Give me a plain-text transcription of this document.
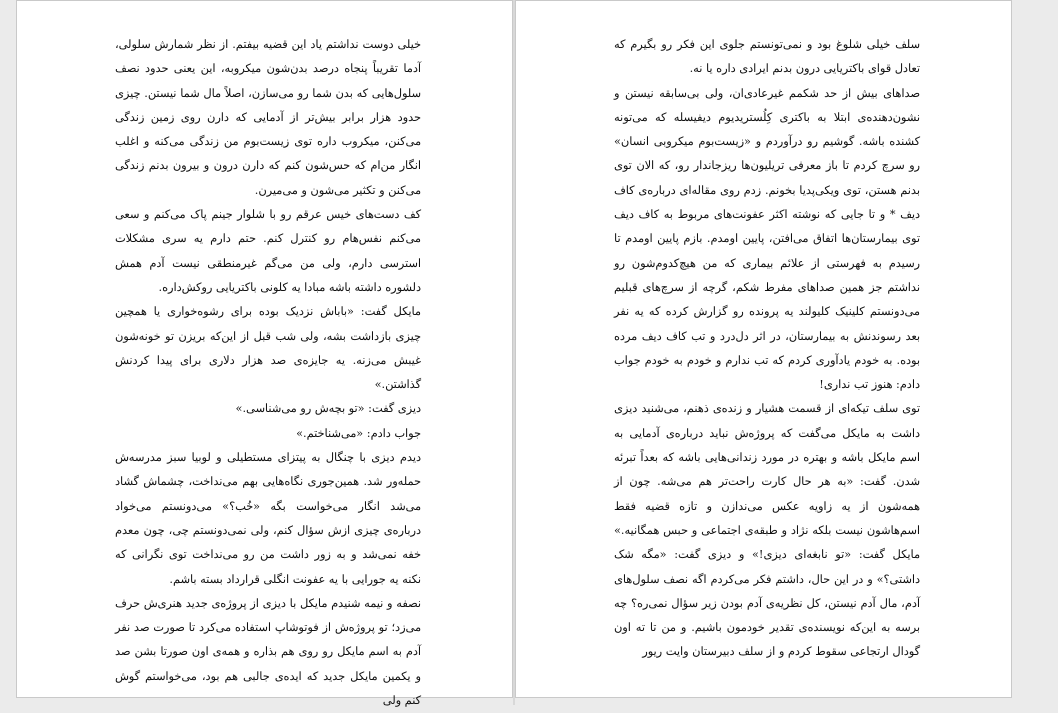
خیلی دوست نداشتم یاد این قضیه بیفتم. از نظر شمارش سلولی، آدما تقریباً پنجاه درصد بدن‌شون میکروبه، این یعنی حدود نصف سلول‌هایی که بدن شما رو می‌سازن، اصلاً مال شما نیستن. چیزی حدود هزار برابر بیش‌تر از آدمایی که دارن روی زمین زندگی می‌کنن، میکروب داره توی زیست‌بوم من زندگی می‌کنه و اغلب انگار من‌ام که حس‌شون کنم که دارن درون و بیرون بدنم زندگی می‌کنن و تکثیر می‌شون و می‌میرن.

کف دست‌های خیس عرقم رو با شلوار جینم پاک می‌کنم و سعی می‌کنم نفس‌هام رو کنترل کنم. حتم دارم یه سری مشکلات استرسی دارم، ولی من می‌گم غیرمنطقی نیست آدم همش دلشوره داشته باشه مبادا یه کلونی باکتریایی روکش‌داره.

مایکل گفت: «باباش نزدیک بوده برای رشوه‌خواری یا همچین چیزی بازداشت بشه، ولی شب قبل از این‌که بریزن تو خونه‌شون غیبش می‌زنه. یه جایزه‌ی صد هزار دلاری برای پیدا کردنش گذاشتن.»

دیزی گفت: «تو بچه‌ش رو می‌شناسی.»

جواب دادم: «می‌شناختم.»

دیدم دیزی با چنگال به پیتزای مستطیلی و لوبیا سبز مدرسه‌ش حمله‌ور شد. همین‌جوری نگاه‌هایی بهم می‌نداخت، چشماش گشاد می‌شد انگار می‌خواست بگه «خُب؟» می‌دونستم می‌خواد درباره‌ی چیزی ازش سؤال کنم، ولی نمی‌دونستم چی، چون معدم خفه نمی‌شد و به زور داشت من رو می‌نداخت توی نگرانی که نکنه یه جورایی با یه عفونت انگلی قرارداد بسته باشم.

نصفه و نیمه شنیدم مایکل با دیزی از پروژه‌ی جدید هنری‌ش حرف می‌زد؛ تو پروژه‌ش از فوتوشاپ استفاده می‌کرد تا صورت صد نفر آدم به اسم مایکل رو روی هم بذاره و همه‌ی اون صورتا بشن صد و یکمین مایکل جدید که ایده‌ی جالبی هم بود، می‌خواستم گوش کنم ولی

سلف خیلی شلوغ بود و نمی‌تونستم جلوی این فکر رو بگیرم که تعادل قوای باکتریایی درون بدنم ایرادی داره یا نه.

صداهای بیش از حد شکمم غیرعادی‌ان، ولی بی‌سابقه نیستن و نشون‌دهنده‌ی ابتلا به باکتری کِلُستریدیوم دیفیسله که می‌تونه کشنده باشه. گوشیم رو درآوردم و «زیست‌بوم میکروبی انسان» رو سرچ کردم تا باز معرفی تریلیون‌ها ریزجاندار رو، که الان توی بدنم هستن، توی ویکی‌پدیا بخونم. زدم روی مقاله‌ای درباره‌ی کاف دیف * و تا جایی که نوشته اکثر عفونت‌های مربوط به کاف دیف توی بیمارستان‌ها اتفاق می‌افتن، پایین اومدم. بازم پایین اومدم تا رسیدم به فهرستی از علائم بیماری که من هیچ‌کدوم‌شون رو نداشتم جز همین صداهای مفرط شکم، گرچه از سرچ‌های قبلیم می‌دونستم کلینیک کلیولند یه پرونده رو گزارش کرده که یه نفر بعد رسوندنش به بیمارستان، در اثر دل‌درد و تب کاف دیف مرده بوده. به خودم یادآوری کردم که تب ندارم و خودم به خودم جواب دادم: هنوز تب نداری!

توی سلف تیکه‌ای از قسمت هشیار و زنده‌ی ذهنم، می‌شنید دیزی داشت به مایکل می‌گفت که پروژه‌ش نباید درباره‌ی آدمایی به اسم مایکل باشه و بهتره در مورد زندانی‌هایی باشه که بعداً تبرئه شدن. گفت: «به هر حال کارت راحت‌تر هم می‌شه. چون از همه‌شون از یه زاویه عکس می‌ندازن و تازه قضیه فقط اسم‌هاشون نیست بلکه نژاد و طبقه‌ی اجتماعی و حبس همگانیه.» مایکل گفت: «تو نابغه‌ای دیزی!» و دیزی گفت: «مگه شک داشتی؟» و در این حال، داشتم فکر می‌کردم اگه نصف سلول‌های آدم، مال آدم نیستن، کل نظریه‌ی آدم بودن زیر سؤال نمی‌ره؟ چه برسه به این‌که نویسنده‌ی تقدیر خودمون باشیم. و من تا ته اون گودال ارتجاعی سقوط کردم و از سلف دبیرستان وایت ریور
